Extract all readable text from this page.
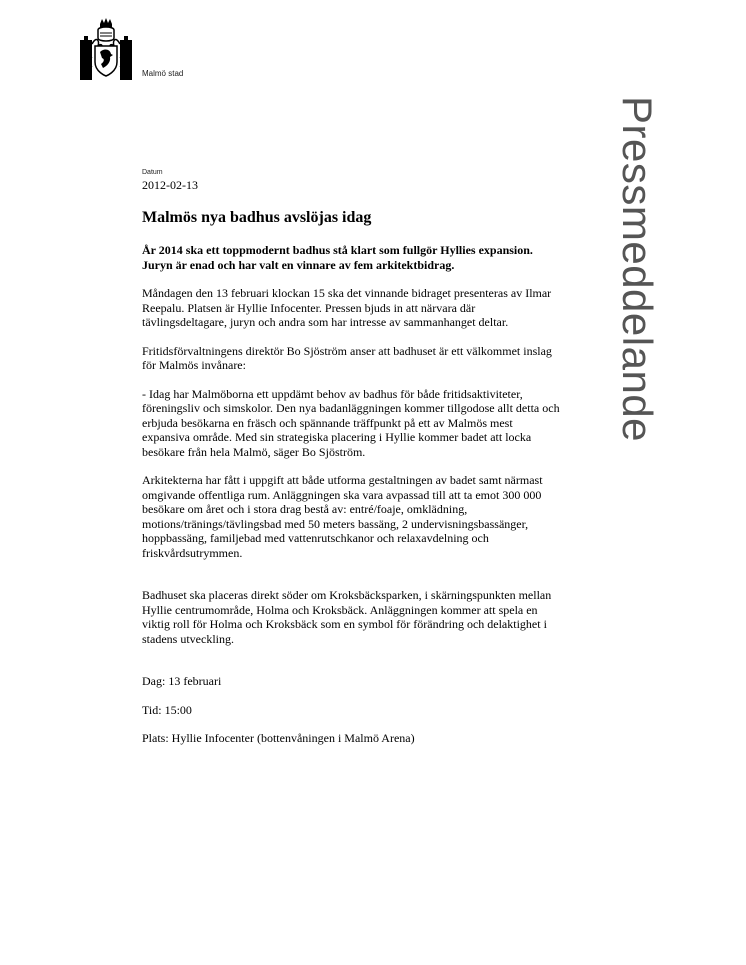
Malmö stad
Pressmeddelande

Datum

2012-02-13

Malmös nya badhus avslöjas idag

År 2014 ska ett toppmodernt badhus stå klart som fullgör Hyllies expansion. Juryn är enad och har valt en vinnare av fem arkitektbidrag.

Måndagen den 13 februari klockan 15 ska det vinnande bidraget presenteras av Ilmar Reepalu. Platsen är Hyllie Infocenter. Pressen bjuds in att närvara där tävlingsdeltagare, juryn och andra som har intresse av sammanhanget deltar.

Fritidsförvaltningens direktör Bo Sjöström anser att badhuset är ett välkommet inslag för Malmös invånare:

- Idag har Malmöborna ett uppdämt behov av badhus för både fritidsaktiviteter, föreningsliv och simskolor. Den nya badanläggningen kommer tillgodose allt detta och erbjuda besökarna en fräsch och spännande träffpunkt på ett av Malmös mest expansiva område. Med sin strategiska placering i Hyllie kommer badet att locka besökare från hela Malmö, säger Bo Sjöström.

Arkitekterna har fått i uppgift att både utforma gestaltningen av badet samt närmast omgivande offentliga rum. Anläggningen ska vara avpassad till att ta emot 300 000 besökare om året och i stora drag bestå av: entré/foaje, omklädning, motions/tränings/tävlingsbad med 50 meters bassäng, 2 undervisningsbassänger, hoppbassäng, familjebad med vattenrutschkanor och relaxavdelning och friskvårdsutrymmen.

Badhuset ska placeras direkt söder om Kroksbäcksparken, i skärningspunkten mellan Hyllie centrumområde, Holma och Kroksbäck. Anläggningen kommer att spela en viktig roll för Holma och Kroksbäck som en symbol för förändring och delaktighet i stadens utveckling.

Dag: 13 februari

Tid: 15:00

Plats: Hyllie Infocenter (bottenvåningen i Malmö Arena)
